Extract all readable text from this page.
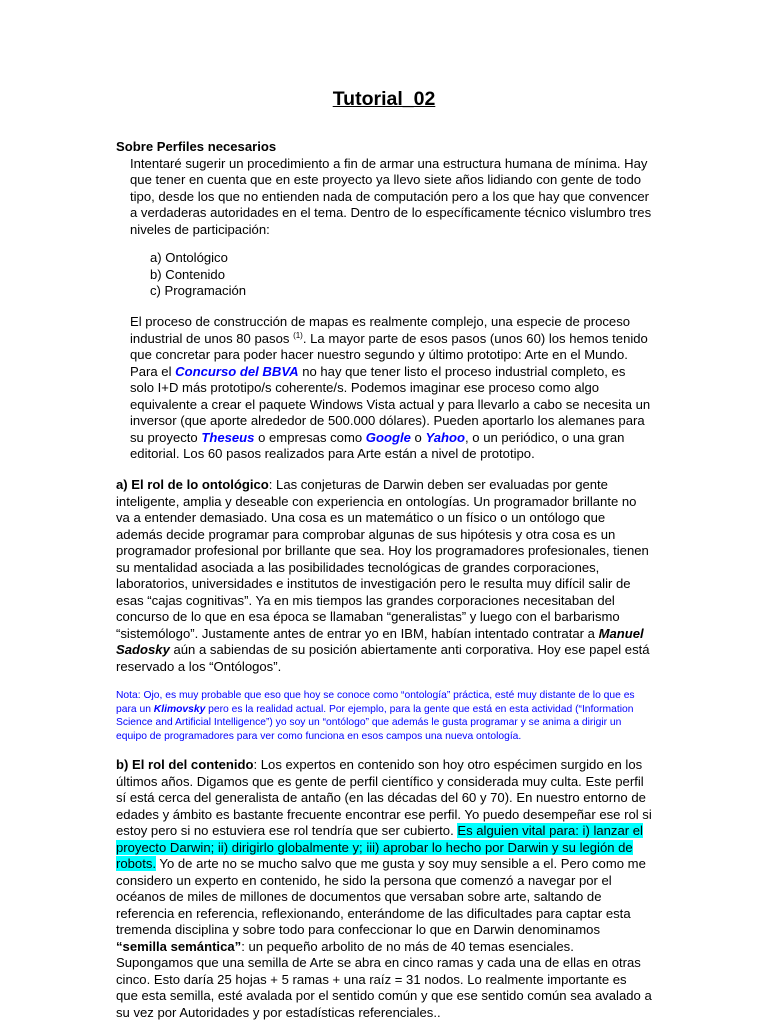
Tutorial_02
Sobre Perfiles necesarios
Intentaré sugerir un procedimiento a fin de armar una estructura humana de mínima. Hay que tener en cuenta que en este proyecto ya llevo siete años lidiando con gente de todo tipo, desde los que no entienden nada de computación pero a los que hay que convencer a verdaderas autoridades en el tema. Dentro de lo específicamente técnico vislumbro tres niveles de participación:
a) Ontológico
b) Contenido
c) Programación
El proceso de construcción de mapas es realmente complejo, una especie de proceso industrial de unos 80 pasos $^{(1)}$. La mayor parte de esos pasos (unos 60) los hemos tenido que concretar para poder hacer nuestro segundo y último prototipo: Arte en el Mundo.
Para el Concurso del BBVA no hay que tener listo el proceso industrial completo, es solo I+D más prototipo/s coherente/s. Podemos imaginar ese proceso como algo equivalente a crear el paquete Windows Vista actual y para llevarlo a cabo se necesita un inversor (que aporte alrededor de 500.000 dólares). Pueden aportarlo los alemanes para su proyecto Theseus o empresas como Google o Yahoo, o un periódico, o una gran editorial. Los 60 pasos realizados para Arte están a nivel de prototipo.
a) El rol de lo ontológico: Las conjeturas de Darwin deben ser evaluadas por gente inteligente, amplia y deseable con experiencia en ontologías. Un programador brillante no va a entender demasiado. Una cosa es un matemático o un físico o un ontólogo que además decide programar para comprobar algunas de sus hipótesis y otra cosa es un programador profesional por brillante que sea. Hoy los programadores profesionales, tienen su mentalidad asociada a las posibilidades tecnológicas de grandes corporaciones, laboratorios, universidades e institutos de investigación pero le resulta muy difícil salir de esas “cajas cognitivas”. Ya en mis tiempos las grandes corporaciones necesitaban del concurso de lo que en esa época se llamaban “generalistas” y luego con el barbarismo “sistemólogo”. Justamente antes de entrar yo en IBM, habían intentado contratar a Manuel Sadosky aún a sabiendas de su posición abiertamente anti corporativa. Hoy ese papel está reservado a los “Ontólogos”.
Nota: Ojo, es muy probable que eso que hoy se conoce como “ontología” práctica, esté muy distante de lo que es para un Klimovsky pero es la realidad actual. Por ejemplo, para la gente que está en esta actividad (“Information Science and Artificial Intelligence”) yo soy un “ontólogo” que además le gusta programar y se anima a dirigir un equipo de programadores para ver como funciona en esos campos una nueva ontología.
b) El rol del contenido: Los expertos en contenido son hoy otro espécimen surgido en los últimos años. Digamos que es gente de perfil científico y considerada muy culta. Este perfil sí está cerca del generalista de antaño (en las décadas del 60 y 70). En nuestro entorno de edades y ámbito es bastante frecuente encontrar ese perfil. Yo puedo desempeñar ese rol si estoy pero si no estuviera ese rol tendría que ser cubierto. Es alguien vital para: i) lanzar el proyecto Darwin; ii) dirigirlo globalmente y; iii) aprobar lo hecho por Darwin y su legión de robots. Yo de arte no se mucho salvo que me gusta y soy muy sensible a el. Pero como me considero un experto en contenido, he sido la persona que comenzó a navegar por el océanos de miles de millones de documentos que versaban sobre arte, saltando de referencia en referencia, reflexionando, enterándome de las dificultades para captar esta tremenda disciplina y sobre todo para confeccionar lo que en Darwin denominamos “semilla semántica”: un pequeño arbolito de no más de 40 temas esenciales. Supongamos que una semilla de Arte se abra en cinco ramas y cada una de ellas en otras cinco. Esto daría 25 hojas + 5 ramas + una raíz = 31 nodos. Lo realmente importante es que esta semilla, esté avalada por el sentido común y que ese sentido común sea avalado a su vez por Autoridades y por estadísticas referenciales..
